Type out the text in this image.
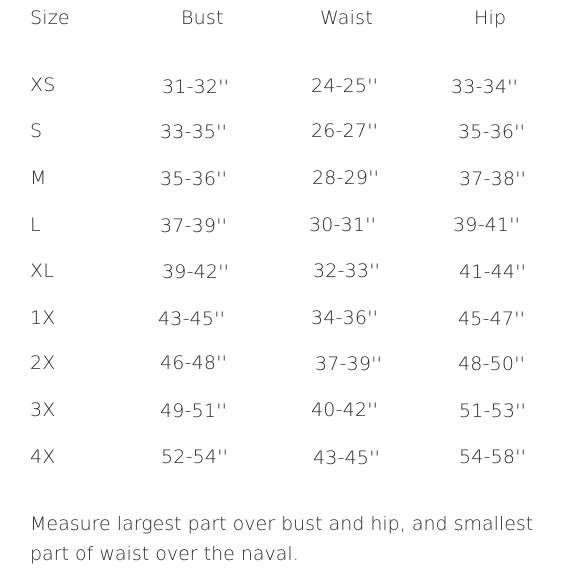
Size	Bust	Waist	Hip
XS	31-32''	24-25''	33-34''
S	33-35''	26-27''	35-36''
M	35-36''	28-29''	37-38''
L	37-39''	30-31''	39-41''
XL	39-42''	32-33''	41-44''
1X	43-45''	34-36''	45-47''
2X	46-48''	37-39''	48-50''
3X	49-51''	40-42''	51-53''
4X	52-54''	43-45''	54-58''
Measure largest part over bust and hip, and smallest part of waist over the naval.
